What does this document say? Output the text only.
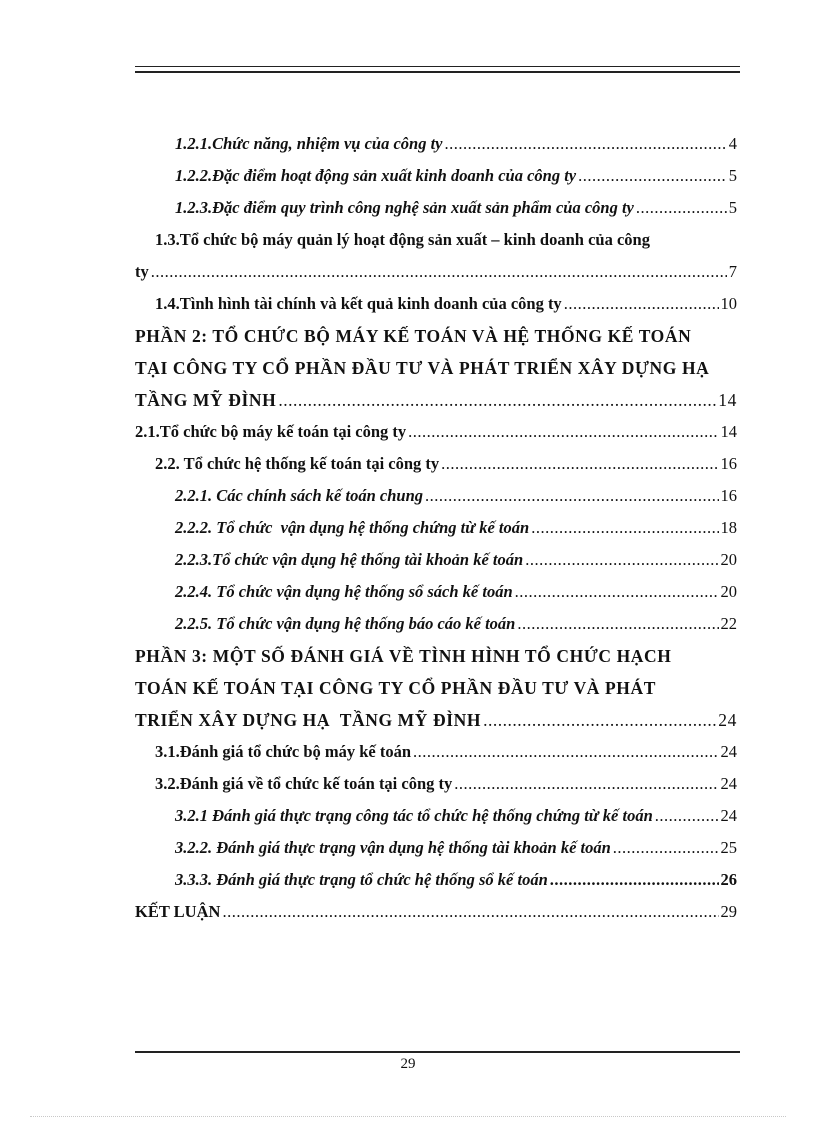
1.2.1.Chức năng, nhiệm vụ của công ty .....	4
1.2.2.Đặc điểm hoạt động sản xuất kinh doanh của công ty .....	5
1.2.3.Đặc điểm quy trình công nghệ sản xuất sản phẩm của công ty .....	5
1.3.Tổ chức bộ máy quản lý hoạt động sản xuất – kinh doanh của công
ty .....	7
1.4.Tình hình tài chính và kết quả kinh doanh của công ty .....	10
PHẦN 2: TỔ CHỨC BỘ MÁY KẾ TOÁN VÀ HỆ THỐNG KẾ TOÁN
TẠI CÔNG TY CỔ PHẦN ĐẦU TƯ VÀ PHÁT TRIỂN XÂY DỰNG HẠ
TẦNG MỸ ĐÌNH .....	14
2.1.Tổ chức bộ máy kế toán tại công ty .....	14
2.2. Tổ chức hệ thống kế toán tại công ty .....	16
2.2.1. Các chính sách kế toán chung .....	16
2.2.2. Tổ chức  vận dụng hệ thống chứng từ kế toán .....	18
2.2.3.Tổ chức vận dụng hệ thống tài khoản kế toán .....	20
2.2.4. Tổ chức vận dụng hệ thống sổ sách kế toán .....	20
2.2.5. Tổ chức vận dụng hệ thống báo cáo kế toán .....	22
PHẦN 3: MỘT SỐ ĐÁNH GIÁ VỀ TÌNH HÌNH TỔ CHỨC HẠCH
TOÁN KẾ TOÁN TẠI CÔNG TY CỔ PHẦN ĐẦU TƯ VÀ PHÁT
TRIỂN XÂY DỰNG HẠ  TẦNG MỸ ĐÌNH .....	24
3.1.Đánh giá tổ chức bộ máy kế toán .....	24
3.2.Đánh giá về tổ chức kế toán tại công ty .....	24
3.2.1 Đánh giá thực trạng công tác tổ chức hệ thống chứng từ kế toán .....	24
3.2.2. Đánh giá thực trạng vận dụng hệ thống tài khoản kế toán .....	25
3.3.3. Đánh giá thực trạng tổ chức hệ thống sổ kế toán .....	26
KẾT LUẬN .....	29
29
